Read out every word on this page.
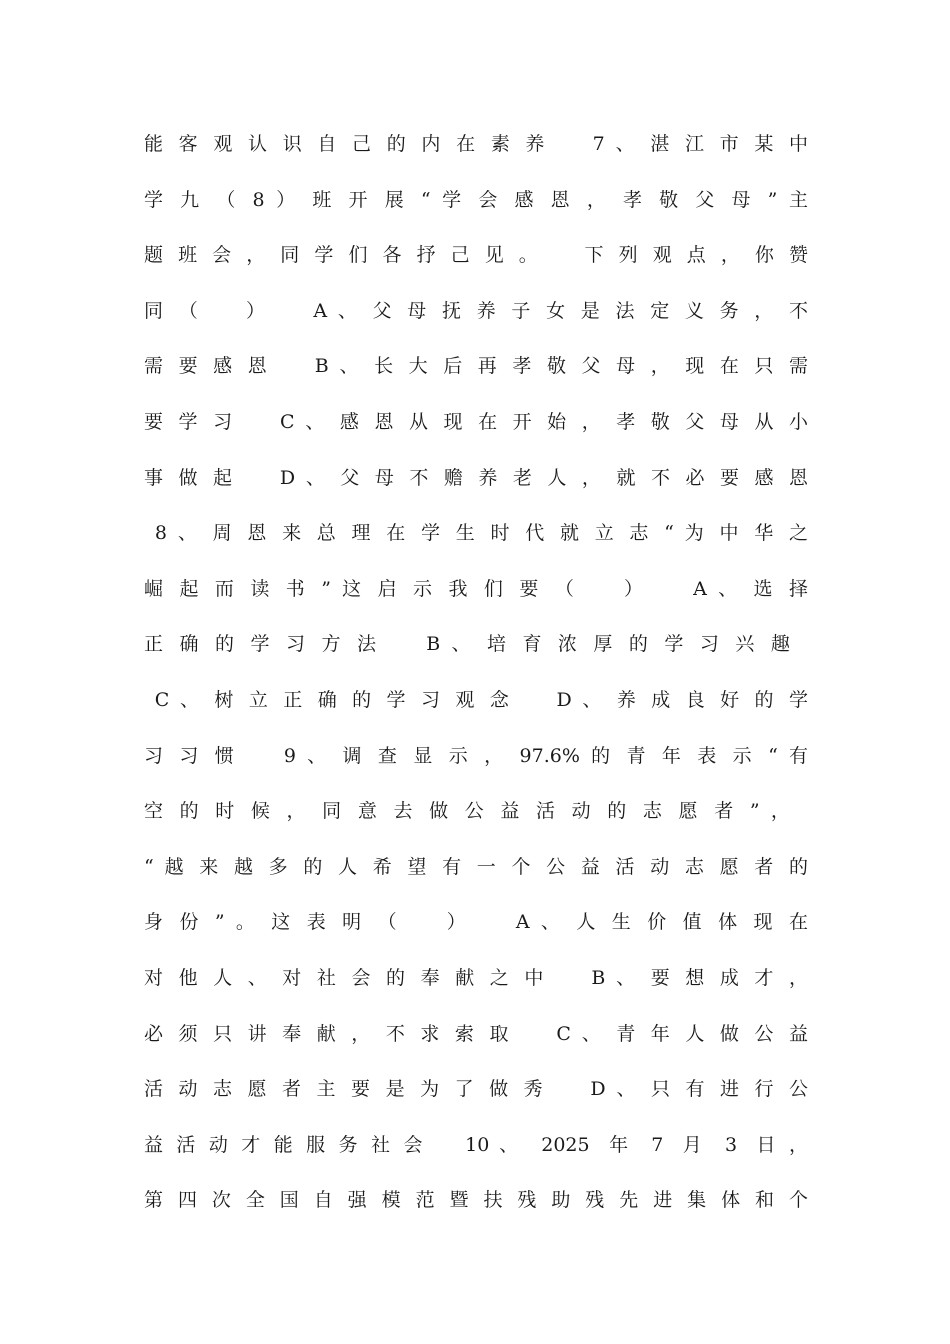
能 客 观 认 识 自 己 的 内 在 素 养    7 、 湛 江 市 某 中
学 九 （ 8 ） 班 开 展 “ 学 会 感 恩 ， 孝 敬 父 母 ” 主
题 班 会 ， 同 学 们 各 抒 己 见 。    下 列 观 点 ， 你 赞
同 （    ）    A 、 父 母 抚 养 子 女 是 法 定 义 务 ， 不
需 要 感 恩    B 、 长 大 后 再 孝 敬 父 母 ， 现 在 只 需
要 学 习    C 、 感 恩 从 现 在 开 始 ， 孝 敬 父 母 从 小
事 做 起    D 、 父 母 不 赡 养 老 人 ， 就 不 必 要 感 恩
8 、 周 恩 来 总 理 在 学 生 时 代 就 立 志 “ 为 中 华 之
崛 起 而 读 书 ” 这 启 示 我 们 要 （    ）    A 、 选 择
正 确 的 学 习 方 法    B 、 培 育 浓 厚 的 学 习 兴 趣
C 、 树 立 正 确 的 学 习 观 念    D 、 养 成 良 好 的 学
习 习 惯    9 、 调 查 显 示 ， 97.6% 的 青 年 表 示 “ 有
空 的 时 候 ， 同 意 去 做 公 益 活 动 的 志 愿 者 ” ，
“ 越 来 越 多 的 人 希 望 有 一 个 公 益 活 动 志 愿 者 的
身 份 ” 。 这 表 明 （    ）    A 、 人 生 价 值 体 现 在
对 他 人 、 对 社 会 的 奉 献 之 中    B 、 要 想 成 才 ，
必 须 只 讲 奉 献 ， 不 求 索 取    C 、 青 年 人 做 公 益
活 动 志 愿 者 主 要 是 为 了 做 秀    D 、 只 有 进 行 公
益 活 动 才 能 服 务 社 会    10 、  2025  年  7  月  3  日 ，
第 四 次 全 国 自 强 模 范 暨 扶 残 助 残 先 进 集 体 和 个
